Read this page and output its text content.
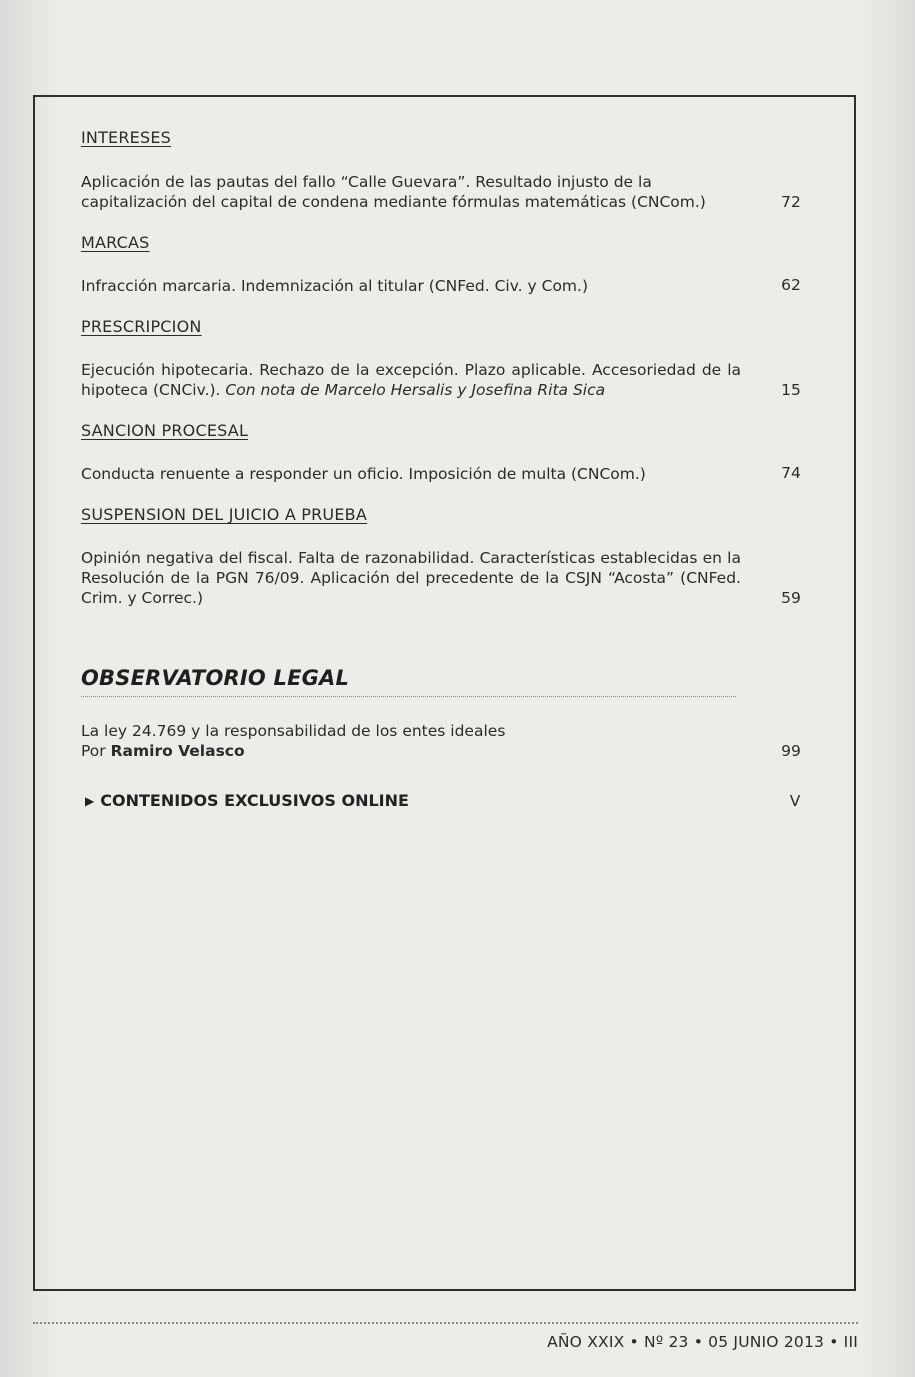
INTERESES
Aplicación de las pautas del fallo “Calle Guevara”. Resultado injusto de la capitalización del capital de condena mediante fórmulas matemáticas (CNCom.)	72
MARCAS
Infracción marcaria. Indemnización al titular (CNFed. Civ. y Com.)	62
PRESCRIPCION
Ejecución hipotecaria. Rechazo de la excepción. Plazo aplicable. Accesoriedad de la hipoteca (CNCiv.). Con nota de Marcelo Hersalis y Josefina Rita Sica	15
SANCION PROCESAL
Conducta renuente a responder un oficio. Imposición de multa (CNCom.)	74
SUSPENSION DEL JUICIO A PRUEBA
Opinión negativa del fiscal. Falta de razonabilidad. Características establecidas en la Resolución de la PGN 76/09. Aplicación del precedente de la CSJN “Acosta” (CNFed. Crim. y Correc.)	59
OBSERVATORIO LEGAL
La ley 24.769 y la responsabilidad de los entes ideales
Por Ramiro Velasco	99
▶ CONTENIDOS EXCLUSIVOS ONLINE	V
AÑO XXIX • Nº 23 • 05 JUNIO 2013 • III
